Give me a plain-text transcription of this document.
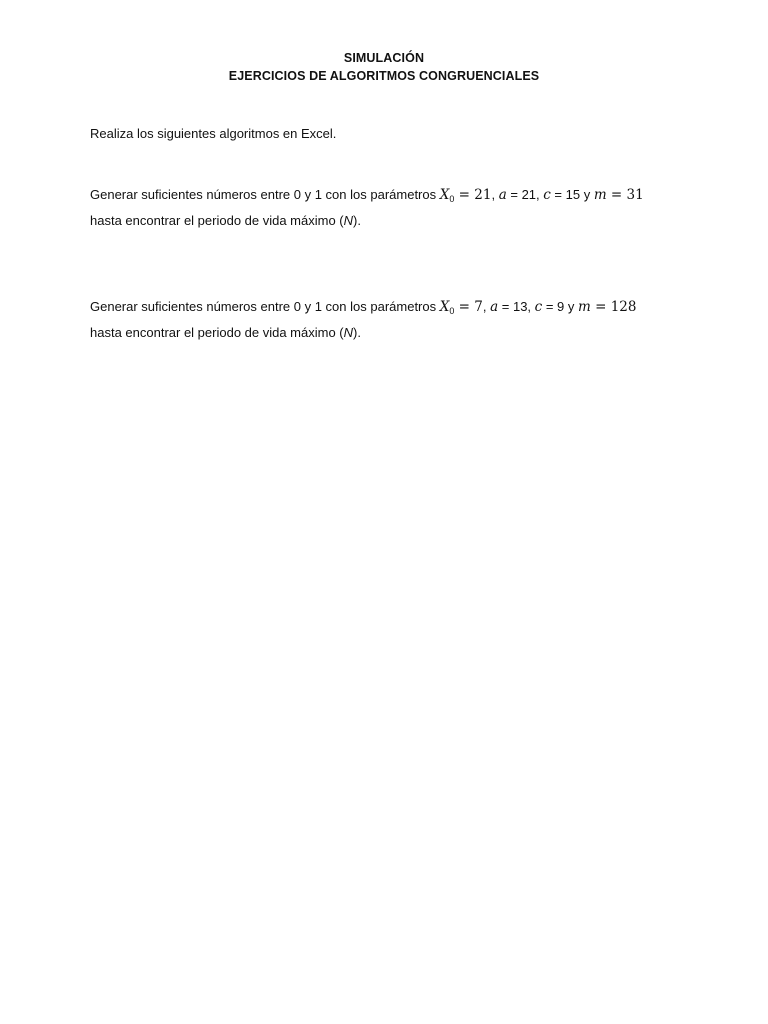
SIMULACIÓN
EJERCICIOS DE ALGORITMOS CONGRUENCIALES
Realiza los siguientes algoritmos en Excel.
Generar suficientes números entre 0 y 1 con los parámetros $X_0 = 21$, a = 21, c = 15 y m = 31
hasta encontrar el periodo de vida máximo (N).
Generar suficientes números entre 0 y 1 con los parámetros $X_0 = 7$, a = 13, c = 9 y m = 128
hasta encontrar el periodo de vida máximo (N).
